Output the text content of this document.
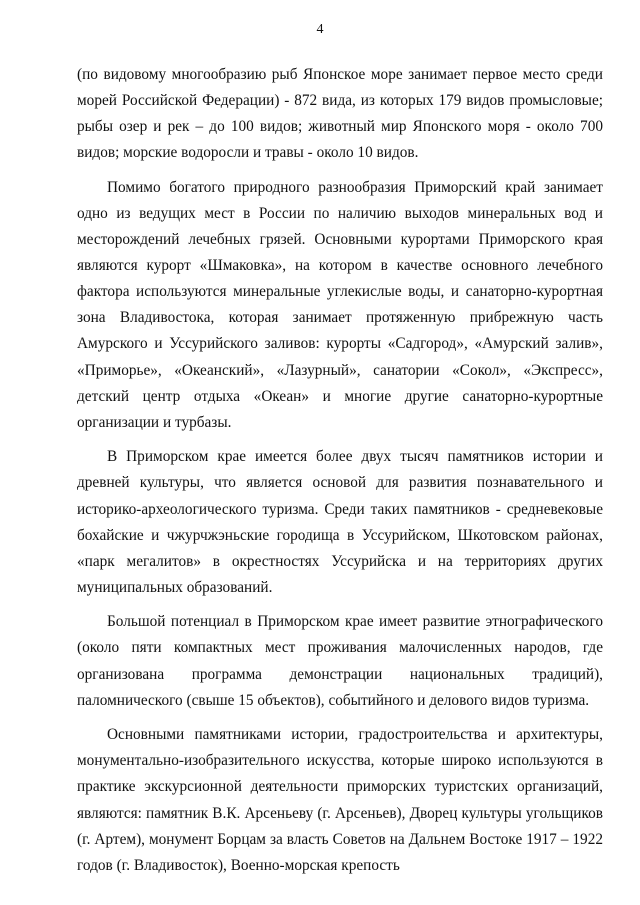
4

(по видовому многообразию рыб Японское море занимает первое место среди морей Российской Федерации) - 872 вида, из которых 179 видов промысловые; рыбы озер и рек – до 100 видов; животный мир Японского моря - около 700 видов; морские водоросли и травы - около 10 видов.

Помимо богатого природного разнообразия Приморский край занимает одно из ведущих мест в России по наличию выходов минеральных вод и месторождений лечебных грязей. Основными курортами Приморского края являются курорт «Шмаковка», на котором в качестве основного лечебного фактора используются минеральные углекислые воды, и санаторно-курортная зона Владивостока, которая занимает протяженную прибрежную часть Амурского и Уссурийского заливов: курорты «Садгород», «Амурский залив», «Приморье», «Океанский», «Лазурный», санатории «Сокол», «Экспресс», детский центр отдыха «Океан» и многие другие санаторно-курортные организации и турбазы.

В Приморском крае имеется более двух тысяч памятников истории и древней культуры, что является основой для развития познавательного и историко-археологического туризма. Среди таких памятников - средневековые бохайские и чжурчжэньские городища в Уссурийском, Шкотовском районах, «парк мегалитов» в окрестностях Уссурийска и на территориях других муниципальных образований.

Большой потенциал в Приморском крае имеет развитие этнографического (около пяти компактных мест проживания малочисленных народов, где организована программа демонстрации национальных традиций), паломнического (свыше 15 объектов), событийного и делового видов туризма.

Основными памятниками истории, градостроительства и архитектуры, монументально-изобразительного искусства, которые широко используются в практике экскурсионной деятельности приморских туристских организаций, являются: памятник В.К. Арсеньеву (г. Арсеньев), Дворец культуры угольщиков (г. Артем), монумент Борцам за власть Советов на Дальнем Востоке 1917 – 1922 годов (г. Владивосток), Военно-морская крепость
